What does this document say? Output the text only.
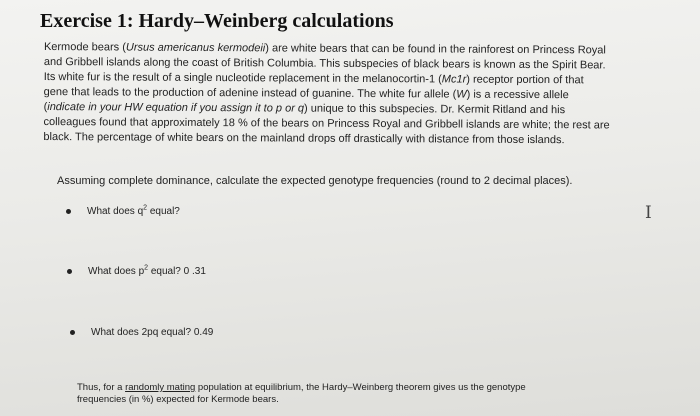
Exercise 1: Hardy–Weinberg calculations
Kermode bears (Ursus americanus kermodeii) are white bears that can be found in the rainforest on Princess Royal
and Gribbell islands along the coast of British Columbia. This subspecies of black bears is known as the Spirit Bear.
Its white fur is the result of a single nucleotide replacement in the melanocortin-1 (Mc1r) receptor portion of that
gene that leads to the production of adenine instead of guanine. The white fur allele (W) is a recessive allele
(indicate in your HW equation if you assign it to p or q) unique to this subspecies. Dr. Kermit Ritland and his
colleagues found that approximately 18 % of the bears on Princess Royal and Gribbell islands are white; the rest are
black. The percentage of white bears on the mainland drops off drastically with distance from those islands.
Assuming complete dominance, calculate the expected genotype frequencies (round to 2 decimal places).
What does $q^2$ equal?	I
What does $p^2$ equal? 0 .31
What does 2pq equal? 0.49
Thus, for a randomly mating population at equilibrium, the Hardy–Weinberg theorem gives us the genotype
frequencies (in %) expected for Kermode bears.
